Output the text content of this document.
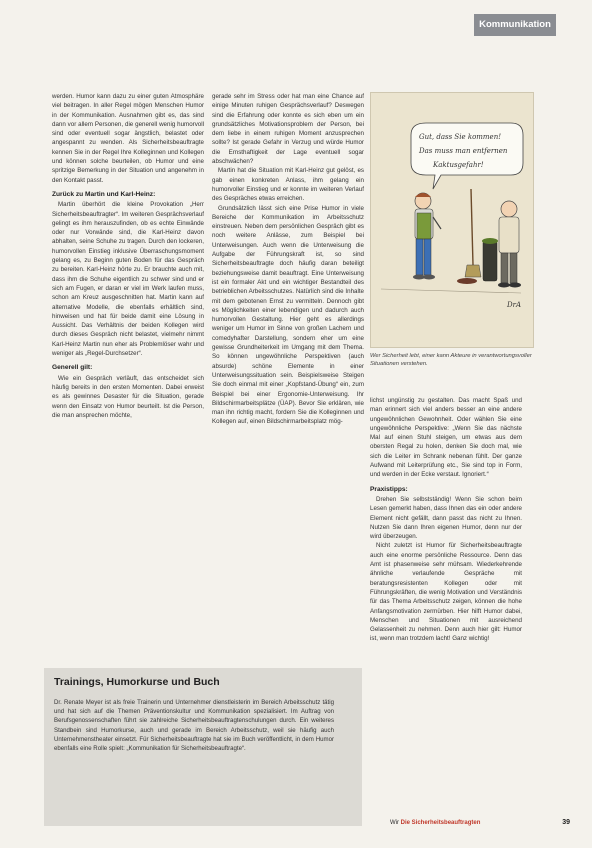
Kommunikation

werden. Humor kann dazu zu einer guten Atmosphäre viel beitragen. In aller Regel mögen Menschen Humor in der Kommunikation. Ausnahmen gibt es, das sind dann vor allem Personen, die generell wenig humorvoll sind oder eventuell sogar ängstlich, belastet oder angespannt zu wenden. Als Sicherheitsbeauftragte kennen Sie in der Regel Ihre Kolleginnen und Kollegen und können solche beurteilen, ob Humor und eine spritzige Bemerkung in der Situation und angenehm in den Kontakt passt.

Zurück zu Martin und Karl-Heinz:

Martin überhört die kleine Provokation „Herr Sicherheitsbeauftragter“. Im weiteren Gesprächsverlauf gelingt es ihm herauszufinden, ob es echte Einwände oder nur Vorwände sind, die Karl-Heinz davon abhalten, seine Schuhe zu tragen. Durch den lockeren, humorvollen Einstieg inklusive Überraschungsmoment gelang es, zu Beginn guten Boden für das Gespräch zu bereiten. Karl-Heinz hörte zu. Er brauchte auch mit, dass ihm die Schuhe eigentlich zu schwer sind und er sich am Fugen, er daran er viel im Werk laufen muss, schon am Kreuz ausgeschnitten hat. Martin kann auf alternative Modelle, die ebenfalls erhältlich sind, hinweisen und hat für beide damit eine Lösung in Aussicht. Das Verhältnis der beiden Kollegen wird durch dieses Gespräch nicht belastet, vielmehr nimmt Karl-Heinz Martin nun eher als Problemlöser wahr und weniger als „Regel-Durchsetzer“.

Generell gilt:

Wie ein Gespräch verläuft, das entscheidet sich häufig bereits in den ersten Momenten. Dabei erweist es als gewinnes Desaster für die Situation, gerade wenn den Einsatz von Humor beurteilt. Ist die Person, die man ansprechen möchte,

gerade sehr im Stress oder hat man eine Chance auf einige Minuten ruhigen Gesprächsverlauf? Deswegen sind die Erfahrung oder konnte es sich eben um ein grundsätzliches Motivationsproblem der Person, bei dem liebe in einem ruhigen Moment anzusprechen sollte? Ist gerade Gefahr in Verzug und würde Humor die Ernsthaftigkeit der Lage eventuell sogar abschwächen?

Martin hat die Situation mit Karl-Heinz gut gelöst, es gab einen konkreten Anlass, ihm gelang ein humorvoller Einstieg und er konnte im weiteren Verlauf des Gespräches etwas erreichen.

Grundsätzlich lässt sich eine Prise Humor in viele Bereiche der Kommunikation im Arbeitsschutz einstreuen. Neben dem persönlichen Gespräch gibt es noch weitere Anlässe, zum Beispiel bei Unterweisungen. Auch wenn die Unterweisung die Aufgabe der Führungskraft ist, so sind Sicherheitsbeauftragte doch häufig daran beteiligt beziehungsweise damit beauftragt. Eine Unterweisung ist ein formaler Akt und ein wichtiger Bestandteil des betrieblichen Arbeitsschutzes. Natürlich sind die Inhalte mit dem gebotenen Ernst zu vermitteln. Dennoch gibt es Möglichkeiten einer lebendigen und dadurch auch humorvollen Gestaltung. Hier geht es allerdings weniger um Humor im Sinne von großen Lachern und comedyhafter Darstellung, sondern eher um eine gewisse Grundheiterkeit im Umgang mit dem Thema. So können ungewöhnliche Perspektiven (auch absurde) schöne Elemente in einer Unterweisungssituation sein. Beispielsweise Steigen Sie doch einmal mit einer „Kopfstand-Übung“ ein, zum Beispiel bei einer Ergonomie-Unterweisung. Ihr Bildschirmarbeitsplätze (ÜAP). Bevor Sie erklären, wie man ihn richtig macht, fordern Sie die Kolleginnen und Kollegen auf, einen Bildschirmarbeitsplatz mög-

Gut, dass Sie kommen!
Das muss man entfernen
Kaktusgefahr!
DrA
Wer Sicherheit lebt, einer kann Akteure in verantwortungsvoller Situationen verstehen.

lichst ungünstig zu gestalten. Das macht Spaß und man erinnert sich viel anders besser an eine andere ungewöhnlichen Gewohnheit. Oder wählen Sie eine ungewöhnliche Perspektive: „Wenn Sie das nächste Mal auf einen Stuhl steigen, um etwas aus dem obersten Regal zu holen, denken Sie doch mal, wie sich die Leiter im Schrank nebenan fühlt. Der ganze Aufwand mit Leiterprüfung etc., Sie sind top in Form, und werden in der Ecke verstaut. Ignoriert.“

Praxistipps:

Drehen Sie selbstständig! Wenn Sie schon beim Lesen gemerkt haben, dass Ihnen das ein oder andere Element nicht gefällt, dann passt das nicht zu Ihnen. Nutzen Sie dann Ihren eigenen Humor, denn nur der wird überzeugen.

Nicht zuletzt ist Humor für Sicherheitsbeauftragte auch eine enorme persönliche Ressource. Denn das Amt ist phasenweise sehr mühsam. Wiederkehrende ähnliche verlaufende Gespräche mit beratungsresistenten Kollegen oder mit Führungskräften, die wenig Motivation und Verständnis für das Thema Arbeitsschutz zeigen, können die hohe Anfangsmotivation zermürben. Hier hilft Humor dabei, Menschen und Situationen mit ausreichend Gelassenheit zu nehmen. Denn auch hier gilt: Humor ist, wenn man trotzdem lacht! Ganz wichtig!

Trainings, Humorkurse und Buch
Dr. Renate Meyer ist als freie Trainerin und Unternehmer dienstleisterin im Bereich Arbeitsschutz tätig und hat sich auf die Themen Präventionskultur und Kommunikation spezialisiert. Im Auftrag von Berufsgenossenschaften führt sie zahlreiche Sicherheitsbeauftragtenschulungen durch. Ein weiteres Standbein sind Humorkurse, auch und gerade im Bereich Arbeitsschutz, weil sie häufig auch Unternehmenstheater einsetzt. Für Sicherheitsbeauftragte hat sie im Buch veröffentlicht, in dem Humor ebenfalls eine Rolle spielt: „Kommunikation für Sicherheitsbeauftragte“.
Wir Die Sicherheitsbeauftragten	39
